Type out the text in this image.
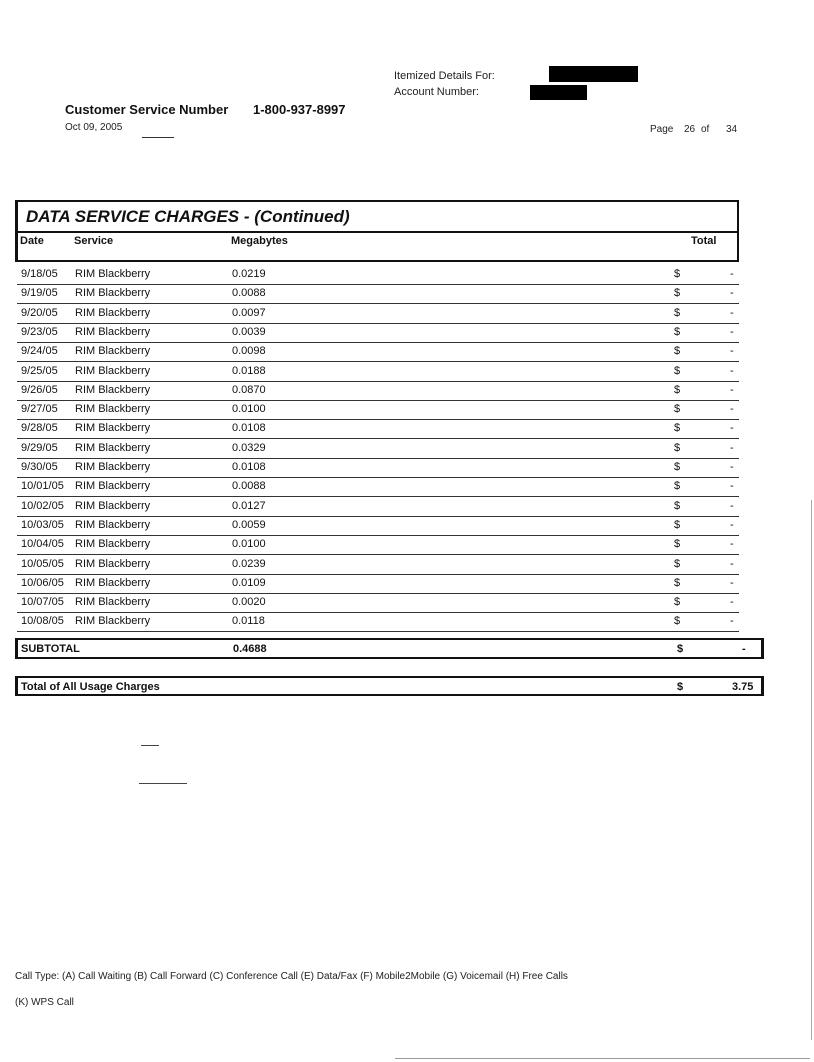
Itemized Details For:
Account Number:
Customer Service Number 1-800-937-8997
Oct 09, 2005	Page 26 of 34
DATA SERVICE CHARGES - (Continued)
Date	Service	Megabytes	Total
9/18/05 RIM Blackberry	0.0219	$	-
9/19/05 RIM Blackberry	0.0088	$	-
9/20/05 RIM Blackberry	0.0097	$	-
9/23/05 RIM Blackberry	0.0039	$	-
9/24/05 RIM Blackberry	0.0098	$	-
9/25/05 RIM Blackberry	0.0188	$	-
9/26/05 RIM Blackberry	0.0870	$	-
9/27/05 RIM Blackberry	0.0100	$	-
9/28/05 RIM Blackberry	0.0108	$	-
9/29/05 RIM Blackberry	0.0329	$	-
9/30/05 RIM Blackberry	0.0108	$	-
10/01/05 RIM Blackberry	0.0088	$	-
10/02/05 RIM Blackberry	0.0127	$	-
10/03/05 RIM Blackberry	0.0059	$	-
10/04/05 RIM Blackberry	0.0100	$	-
10/05/05 RIM Blackberry	0.0239	$	-
10/06/05 RIM Blackberry	0.0109	$	-
10/07/05 RIM Blackberry	0.0020	$	-
10/08/05 RIM Blackberry	0.0118	$	-
SUBTOTAL	0.4688	$	-
Total of All Usage Charges	$	3.75
Call Type: (A) Call Waiting (B) Call Forward (C) Conference Call (E) Data/Fax (F) Mobile2Mobile (G) Voicemail (H) Free Calls
(K) WPS Call
